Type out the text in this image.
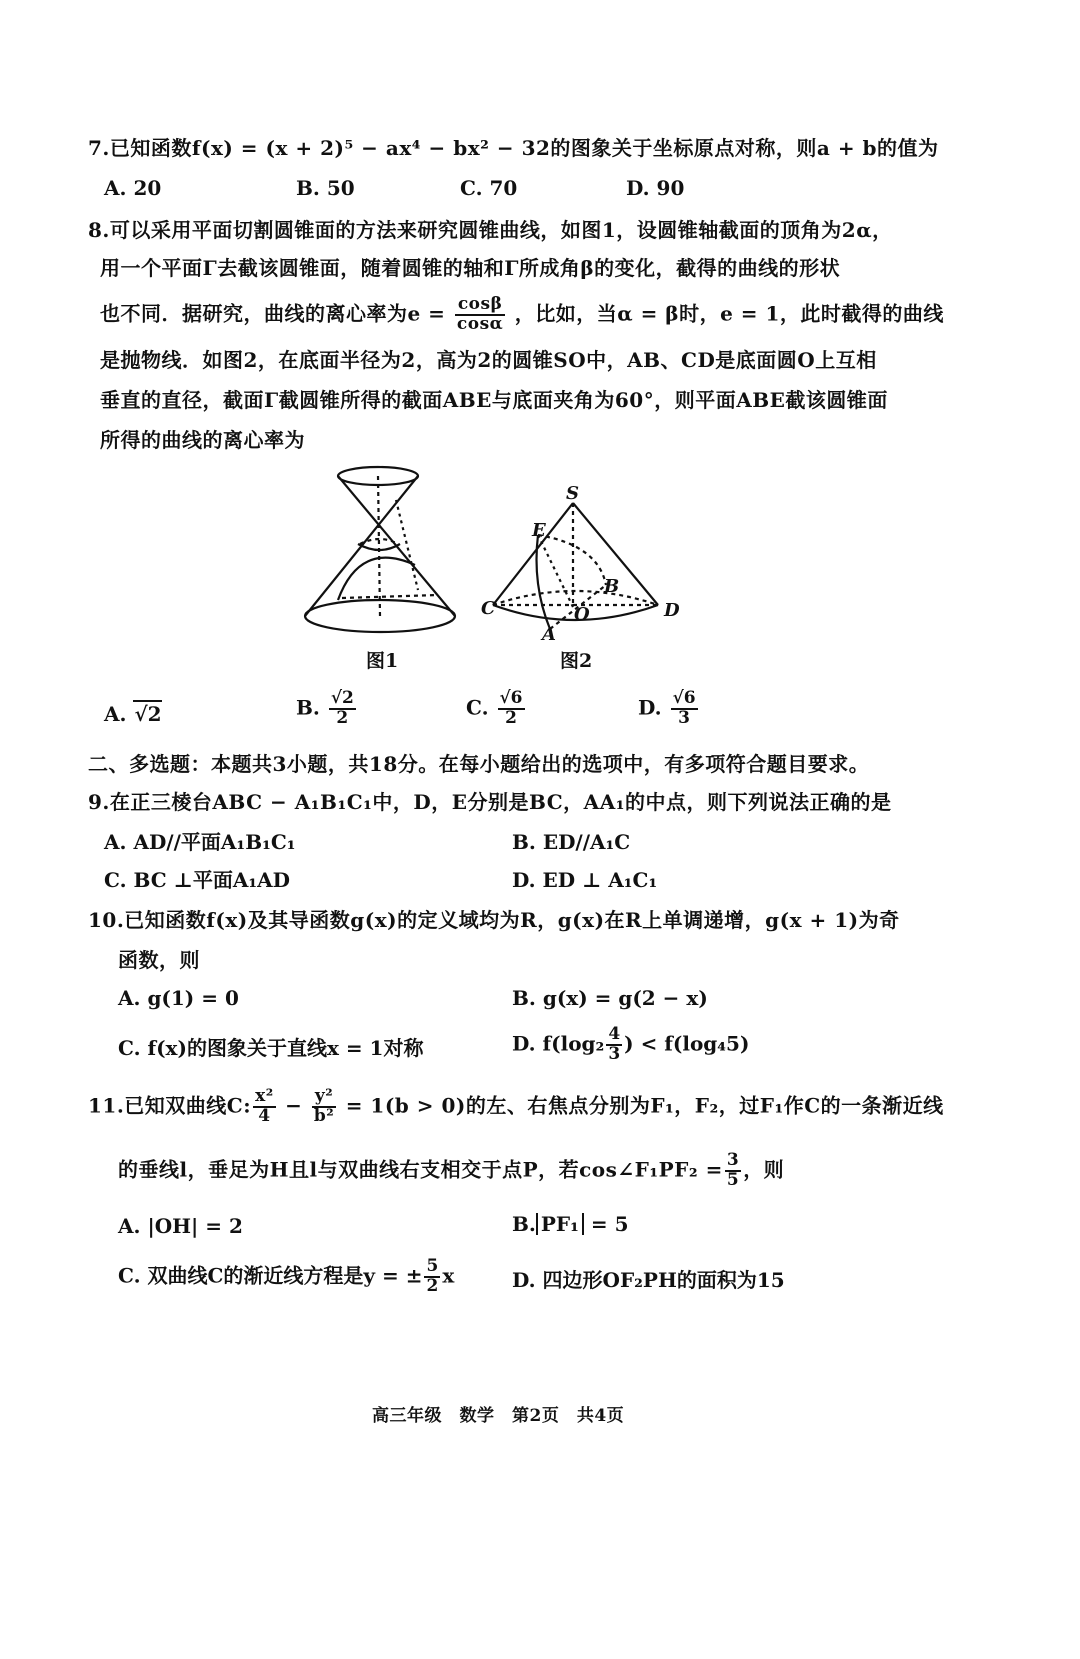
7.已知函数f(x) = (x + 2)⁵ − ax⁴ − bx² − 32的图象关于坐标原点对称，则a + b的值为
A. 20	B. 50	C. 70	D. 90
8.可以采用平面切割圆锥面的方法来研究圆锥曲线，如图1，设圆锥轴截面的顶角为2α，
用一个平面Γ去截该圆锥面，随着圆锥的轴和Γ所成角β的变化，截得的曲线的形状
也不同．据研究，曲线的离心率为$e = \frac{\cos\beta}{\cos\alpha}$ ，比如，当α = β时，e = 1，此时截得的曲线
是抛物线．如图2，在底面半径为2，高为2的圆锥SO中，AB、CD是底面圆O上互相
垂直的直径，截面Γ截圆锥所得的截面ABE与底面夹角为60°，则平面ABE截该圆锥面
所得的曲线的离心率为
图1
S
E
B
C	O	D
A
图2
A. √2	B. $\frac{√2}{2}$	C. $\frac{√6}{2}$	D. $\frac{√6}{3}$
二、多选题：本题共3小题，共18分。在每小题给出的选项中，有多项符合题目要求。
9.在正三棱台ABC − A₁B₁C₁中，D，E分别是BC，AA₁的中点，则下列说法正确的是
A. AD//平面A₁B₁C₁	B. ED//A₁C
C. BC ⊥平面A₁AD	D. ED ⊥ A₁C₁
10.已知函数f(x)及其导函数g(x)的定义域均为R，g(x)在R上单调递增，g(x + 1)为奇
函数，则
A. g(1) = 0	B. g(x) = g(2 − x)
C. f(x)的图象关于直线x = 1对称	D. $f(\log_2 \frac{4}{3}$ ) < f(log₄5)
11.已知双曲线C: $\frac{\text{x²}}{4} - \frac{\text{y²}}{\text{b²}} = 1(b > 0)$的左、右焦点分别为F₁，F₂，过F₁作C的一条渐近线
的垂线l，垂足为H且l与双曲线右支相交于点P，若cos∠F₁PF₂ = $\frac{3}{5}$ ，则
A. |OH| = 2	B. PF₁ = 5
C. 双曲线C的渐近线方程是y = ± $\frac{5}{2}$ x	D. 四边形OF₂PH的面积为15
高三年级　数学　第2页　共4页
